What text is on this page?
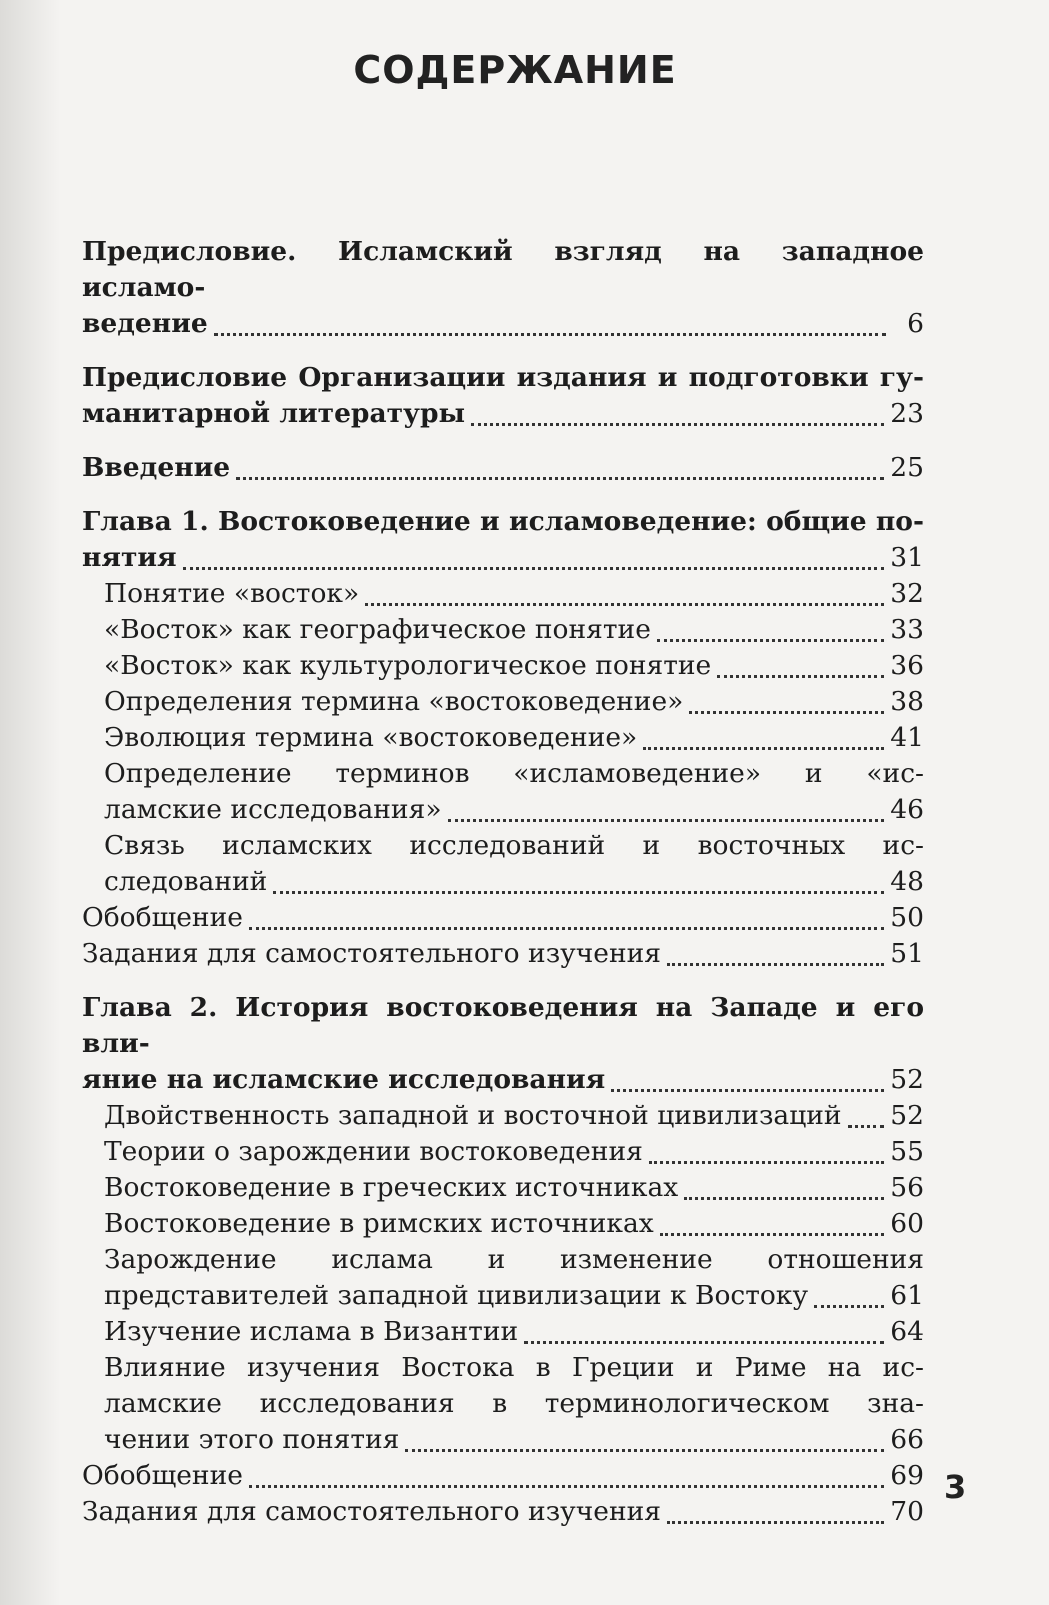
СОДЕРЖАНИЕ
Предисловие. Исламский взгляд на западное исламо-
ведение	6
Предисловие Организации издания и подготовки гу-
манитарной литературы	23
Введение	25
Глава 1. Востоковедение и исламоведение: общие по-
нятия	31
Понятие «восток»	32
«Восток» как географическое понятие	33
«Восток» как культурологическое понятие	36
Определения термина «востоковедение»	38
Эволюция термина «востоковедение»	41
Определение терминов «исламоведение» и «ис-
ламские исследования»	46
Связь исламских исследований и восточных ис-
следований	48
Обобщение	50
Задания для самостоятельного изучения	51
Глава 2. История востоковедения на Западе и его вли-
яние на исламские исследования	52
Двойственность западной и восточной цивилизаций 52
Теории о зарождении востоковедения	55
Востоковедение в греческих источниках	56
Востоковедение в римских источниках	60
Зарождение ислама и изменение отношения
представителей западной цивилизации к Востоку	61
Изучение ислама в Византии	64
Влияние изучения Востока в Греции и Риме на ис-
ламские исследования в терминологическом зна-
чении этого понятия	66
Обобщение	69
Задания для самостоятельного изучения	70
3
